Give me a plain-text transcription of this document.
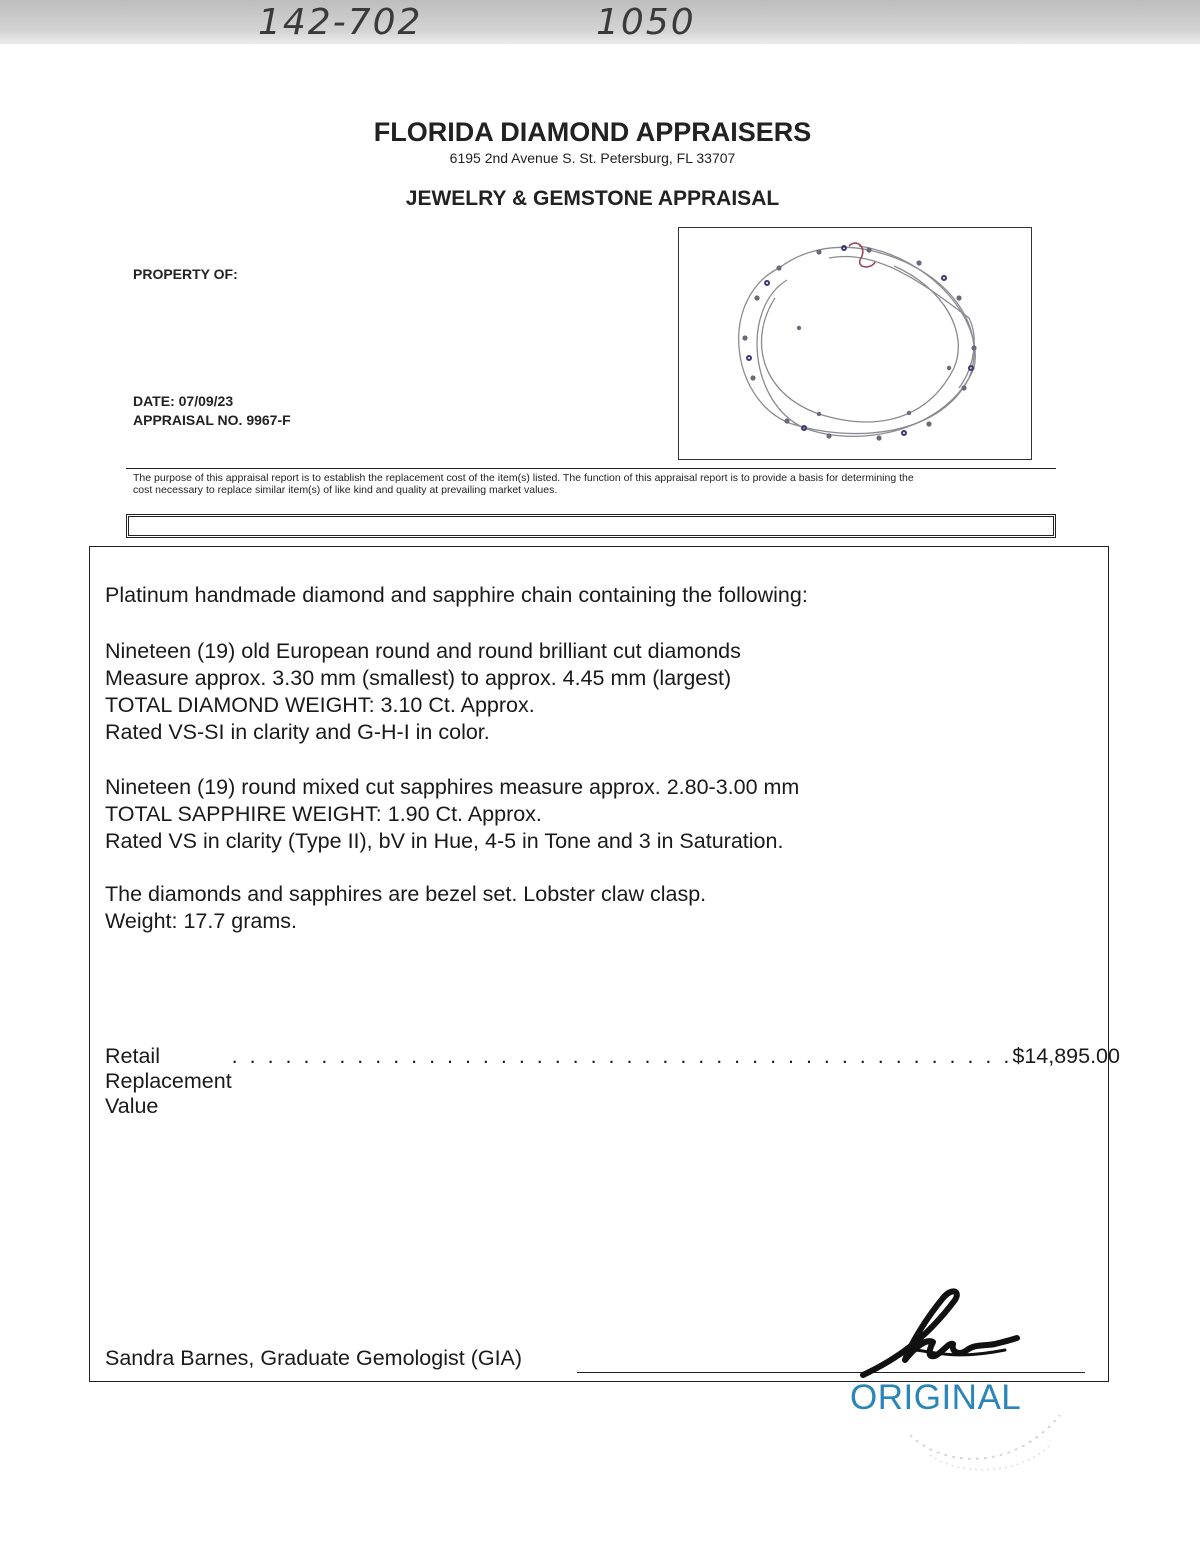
142-702	1050
FLORIDA DIAMOND APPRAISERS
6195 2nd Avenue S. St. Petersburg, FL 33707
JEWELRY & GEMSTONE APPRAISAL
PROPERTY OF:
DATE: 07/09/23
APPRAISAL NO. 9967-F
The purpose of this appraisal report is to establish the replacement cost of the item(s) listed. The function of this appraisal report is to provide a basis for determining the
cost necessary to replace similar item(s) of like kind and quality at prevailing market values.
Platinum handmade diamond and sapphire chain containing the following:
Nineteen (19) old European round and round brilliant cut diamonds
Measure approx. 3.30 mm (smallest) to approx. 4.45 mm (largest)
TOTAL DIAMOND WEIGHT: 3.10 Ct. Approx.
Rated VS-SI in clarity and G-H-I in color.
Nineteen (19) round mixed cut sapphires measure approx. 2.80-3.00 mm
TOTAL SAPPHIRE WEIGHT: 1.90 Ct. Approx.
Rated VS in clarity (Type II), bV in Hue, 4-5 in Tone and 3 in Saturation.
The diamonds and sapphires are bezel set. Lobster claw clasp.
Weight: 17.7 grams.
Retail Replacement Value
. . . . . . . . . . . . . . . . . . . . . . . . . . . . . . . . . . . . . . . . . . . . $14,895.00
Sandra Barnes, Graduate Gemologist (GIA)
ORIGINAL
